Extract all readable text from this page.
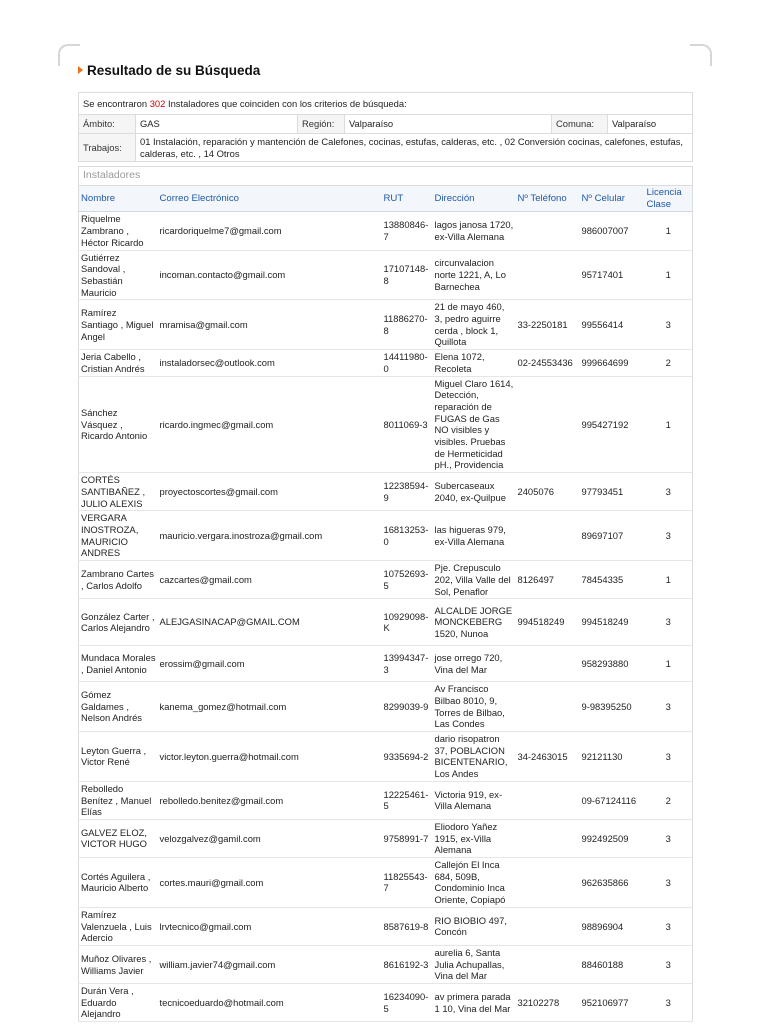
Resultado de su Búsqueda
Se encontraron 302 Instaladores que coinciden con los criterios de búsqueda:					
Ámbito:	GAS	Región:	Valparaíso	Comuna:	Valparaíso
Trabajos:	01 Instalación, reparación y mantención de Calefones, cocinas, estufas, calderas, etc. , 02 Conversión cocinas, calefones, estufas, calderas, etc. , 14 Otros				
Instaladores						
Nombre	Correo Electrónico	RUT	Dirección	Nº Teléfono	Nº Celular	Licencia Clase
Riquelme Zambrano , Héctor Ricardo	ricardoriquelme7@gmail.com	13880846-7	lagos janosa 1720, ex-Villa Alemana		986007007	1
Gutiérrez Sandoval , Sebastián Mauricio	incoman.contacto@gmail.com	17107148-8	circunvalacion norte 1221, A, Lo Barnechea		95717401	1
Ramírez Santiago , Miguel Angel	mramisa@gmail.com	11886270-8	21 de mayo 460, 3, pedro aguirre cerda , block 1, Quillota	33-2250181	99556414	3
Jeria Cabello , Cristian Andrés	instaladorsec@outlook.com	14411980-0	Elena 1072, Recoleta	02-24553436	999664699	2
Sánchez Vásquez , Ricardo Antonio	ricardo.ingmec@gmail.com	8011069-3	Miguel Claro 1614, Detección, reparación de FUGAS de Gas NO visibles y visibles. Pruebas de Hermeticidad pH., Providencia		995427192	1
CORTÉS SANTIBAÑEZ , JULIO ALEXIS	proyectoscortes@gmail.com	12238594-9	Subercaseaux 2040, ex-Quilpue	2405076	97793451	3
VERGARA INOSTROZA, MAURICIO ANDRES	mauricio.vergara.inostroza@gmail.com	16813253-0	las higueras 979, ex-Villa Alemana		89697107	3
Zambrano Cartes , Carlos Adolfo	cazcartes@gmail.com	10752693-5	Pje. Crepusculo 202, Villa Valle del Sol, Penaflor	8126497	78454335	1
González Carter , Carlos Alejandro	ALEJGASINACAP@GMAIL.COM	10929098-K	ALCALDE JORGE MONCKEBERG 1520, Nunoa	994518249	994518249	3
Mundaca Morales , Daniel Antonio	erossim@gmail.com	13994347-3	jose orrego 720, Vina del Mar		958293880	1
Gómez Galdames , Nelson Andrés	kanema_gomez@hotmail.com	8299039-9	Av Francisco Bilbao 8010, 9, Torres de Bilbao, Las Condes		9-98395250	3
Leyton Guerra , Victor René	victor.leyton.guerra@hotmail.com	9335694-2	dario risopatron 37, POBLACION BICENTENARIO, Los Andes	34-2463015	92121130	3
Rebolledo Benítez , Manuel Elías	rebolledo.benitez@gmail.com	12225461-5	Victoria 919, ex-Villa Alemana		09-67124116	2
GALVEZ ELOZ, VICTOR HUGO	velozgalvez@gamil.com	9758991-7	Eliodoro Yañez 1915, ex-Villa Alemana		992492509	3
Cortés Aguilera , Mauricio Alberto	cortes.mauri@gmail.com	11825543-7	Callejón El Inca 684, 509B, Condominio Inca Oriente, Copiapó		962635866	3
Ramírez Valenzuela , Luis Adercio	lrvtecnico@gmail.com	8587619-8	RIO BIOBIO 497, Concón		98896904	3
Muñoz Olivares , Williams Javier	william.javier74@gmail.com	8616192-3	aurelia 6, Santa Julia Achupallas, Vina del Mar		88460188	3
Durán Vera , Eduardo Alejandro	tecnicoeduardo@hotmail.com	16234090-5	av primera parada 1 10, Vina del Mar	32102278	952106977	3
